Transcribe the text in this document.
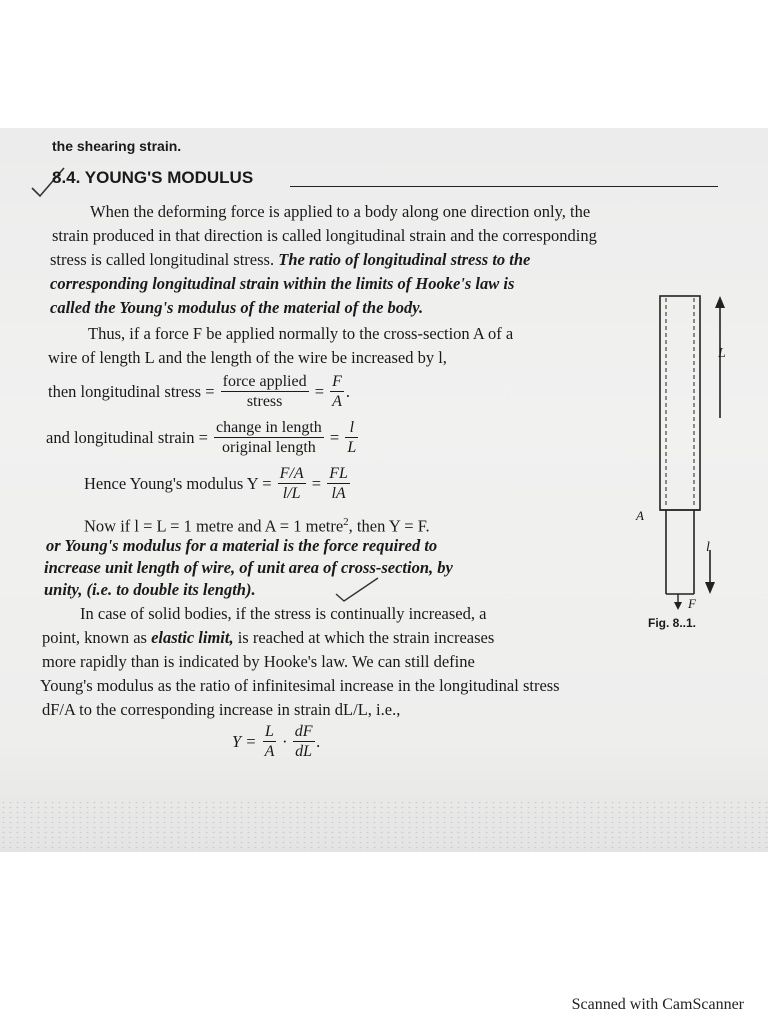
the shearing strain.
8.4. YOUNG'S MODULUS
When the deforming force is applied to a body along one direction only, the
strain produced in that direction is called longitudinal strain and the corresponding
stress is called longitudinal stress. The ratio of longitudinal stress to the
corresponding longitudinal strain within the limits of Hooke's law is
called the Young's modulus of the material of the body.
Thus, if a force F be applied normally to the cross-section A of a
wire of length L and the length of the wire be increased by l,
then longitudinal stress = $\frac{\text{force applied}}{\text{stress}} = \frac{F}{A}$ .
and longitudinal strain = $\frac{\text{change in length}}{\text{original length}} = \frac{l}{L}$
Hence Young's modulus $Y = \frac{F/A}{l/L} = \frac{FL}{lA}$
Now if l = L = 1 metre and A = 1 metre$^2$, then Y = F.
or Young's modulus for a material is the force required to
increase unit length of wire, of unit area of cross-section, by
unity, (i.e. to double its length).
In case of solid bodies, if the stress is continually increased, a
point, known as elastic limit, is reached at which the strain increases
more rapidly than is indicated by Hooke's law. We can still define
Young's modulus as the ratio of infinitesimal increase in the longitudinal stress
dF/A to the corresponding increase in strain dL/L, i.e.,
$Y = \frac{L}{A} \cdot \frac{dF}{dL}$ .
L
A
l
F
Fig. 8..1.
Scanned with CamScanner
